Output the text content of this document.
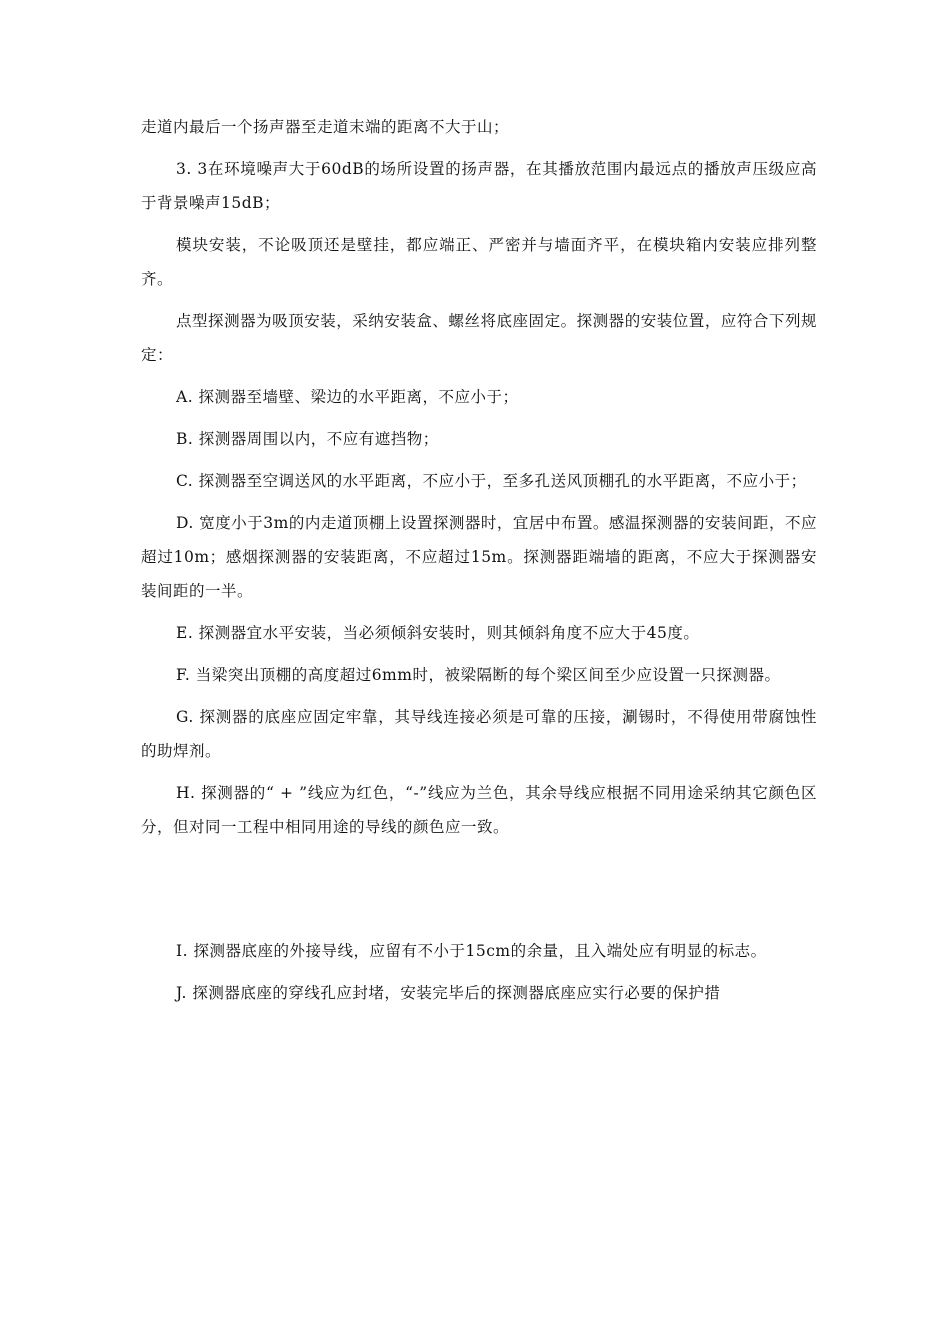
走道内最后一个扬声器至走道末端的距离不大于山；

3. 3在环境噪声大于60dB的场所设置的扬声器，在其播放范围内最远点的播放声压级应高于背景噪声15dB；

模块安装，不论吸顶还是壁挂，都应端正、严密并与墙面齐平，在模块箱内安装应排列整齐。

点型探测器为吸顶安装，采纳安装盒、螺丝将底座固定。探测器的安装位置，应符合下列规定：

A. 探测器至墙壁、梁边的水平距离，不应小于；

B. 探测器周围以内，不应有遮挡物；

C. 探测器至空调送风的水平距离，不应小于，至多孔送风顶棚孔的水平距离，不应小于；

D. 宽度小于3m的内走道顶棚上设置探测器时，宜居中布置。感温探测器的安装间距，不应超过10m；感烟探测器的安装距离，不应超过15m。探测器距端墙的距离，不应大于探测器安装间距的一半。

E. 探测器宜水平安装，当必须倾斜安装时，则其倾斜角度不应大于45度。

F. 当梁突出顶棚的高度超过6mm时，被梁隔断的每个梁区间至少应设置一只探测器。

G. 探测器的底座应固定牢靠，其导线连接必须是可靠的压接，涮锡时，不得使用带腐蚀性的助焊剂。

H. 探测器的“ + ”线应为红色，“-”线应为兰色，其余导线应根据不同用途采纳其它颜色区分，但对同一工程中相同用途的导线的颜色应一致。

I. 探测器底座的外接导线，应留有不小于15cm的余量，且入端处应有明显的标志。

J. 探测器底座的穿线孔应封堵，安装完毕后的探测器底座应实行必要的保护措
